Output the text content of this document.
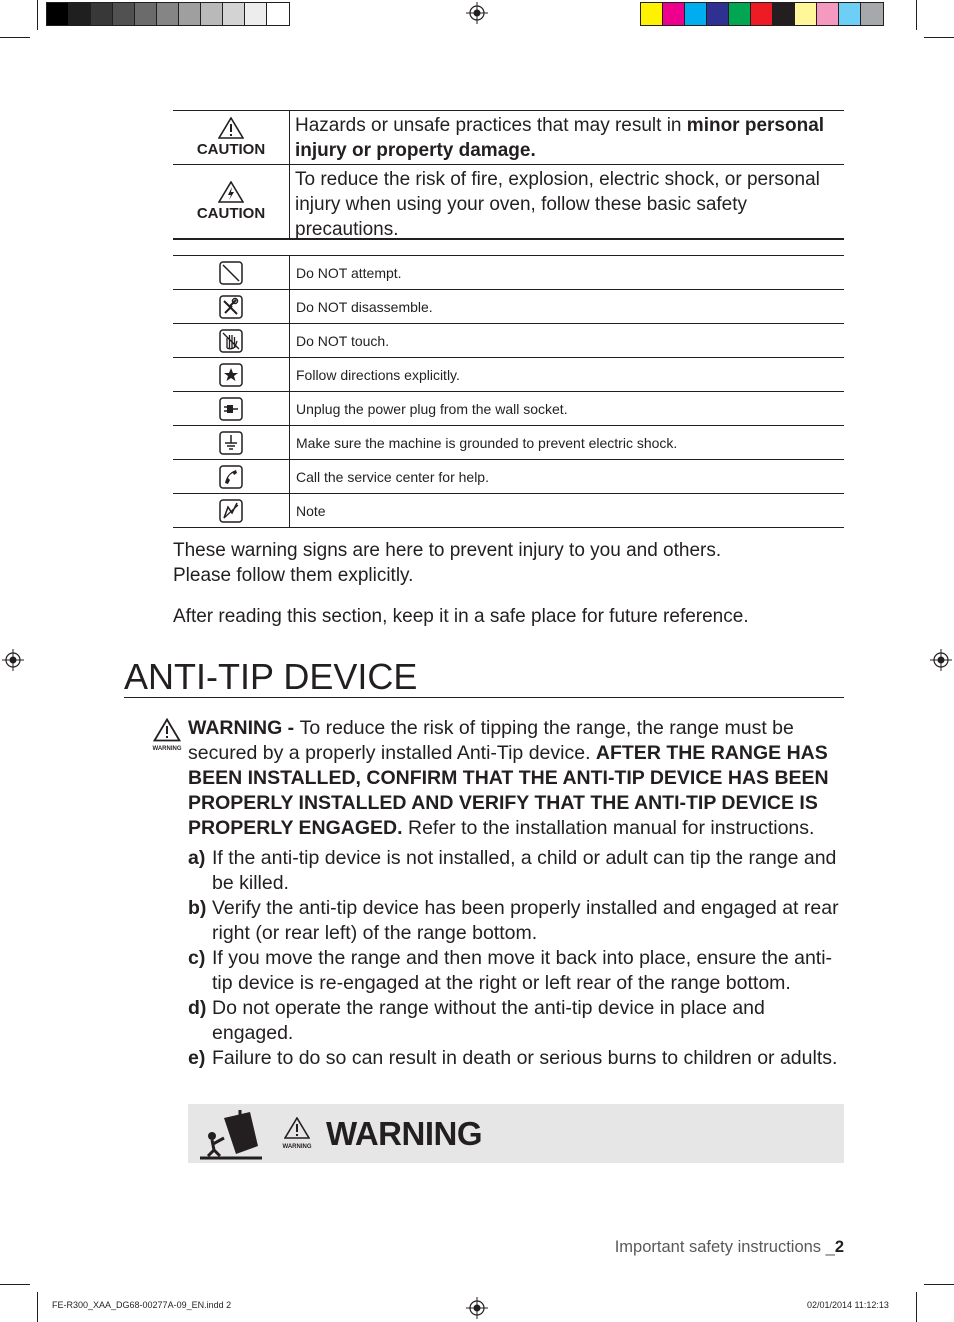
CAUTION
Hazards or unsafe practices that may result in minor personal injury or property damage.
CAUTION
To reduce the risk of fire, explosion, electric shock, or personal injury when using your oven, follow these basic safety precautions.
Do NOT attempt.
Do NOT disassemble.
Do NOT touch.
Follow directions explicitly.
Unplug the power plug from the wall socket.
Make sure the machine is grounded to prevent electric shock.
Call the service center for help.
Note
These warning signs are here to prevent injury to you and others.
Please follow them explicitly.
After reading this section, keep it in a safe place for future reference.
ANTI-TIP DEVICE
WARNING
WARNING - To reduce the risk of tipping the range, the range must be secured by a properly installed Anti-Tip device. AFTER THE RANGE HAS BEEN INSTALLED, CONFIRM THAT THE ANTI-TIP DEVICE HAS BEEN PROPERLY INSTALLED AND VERIFY THAT THE ANTI-TIP DEVICE IS PROPERLY ENGAGED. Refer to the installation manual for instructions.
a) If the anti-tip device is not installed, a child or adult can tip the range and be killed.
b) Verify the anti-tip device has been properly installed and engaged at rear right (or rear left) of the range bottom.
c) If you move the range and then move it back into place, ensure the anti-tip device is re-engaged at the right or left rear of the range bottom.
d) Do not operate the range without the anti-tip device in place and engaged.
e) Failure to do so can result in death or serious burns to children or adults.
WARNING WARNING
Important safety instructions _2
FE-R300_XAA_DG68-00277A-09_EN.indd 2	02/01/2014 11:12:13
